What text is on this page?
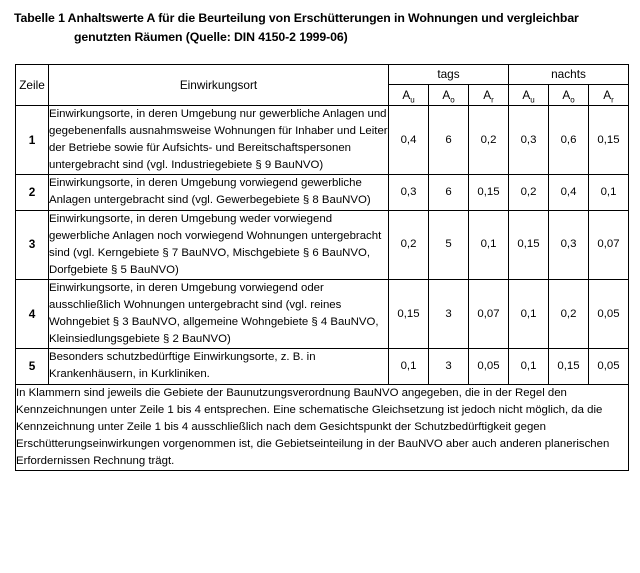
Tabelle 1 Anhaltswerte A für die Beurteilung von Erschütterungen in Wohnungen und vergleichbar
genutzten Räumen (Quelle: DIN 4150-2 1999-06)
Zeile	Einwirkungsort	tags			nachts		
		$A_u$	$A_o$	$A_r$	$A_u$	$A_o$	$A_r$
1	Einwirkungsorte, in deren Umgebung nur gewerbliche Anlagen und gegebenenfalls ausnahmsweise Wohnungen für Inhaber und Leiter der Betriebe sowie für Aufsichts- und Bereitschaftspersonen untergebracht sind (vgl. Industriegebiete § 9 BauNVO)	0,4	6	0,2	0,3	0,6	0,15
2	Einwirkungsorte, in deren Umgebung vorwiegend gewerbliche Anlagen untergebracht sind (vgl. Gewerbegebiete § 8 BauNVO)	0,3	6	0,15	0,2	0,4	0,1
3	Einwirkungsorte, in deren Umgebung weder vorwiegend gewerbliche Anlagen noch vorwiegend Wohnungen untergebracht sind (vgl. Kerngebiete § 7 BauNVO, Mischgebiete § 6 BauNVO, Dorfgebiete § 5 BauNVO)	0,2	5	0,1	0,15	0,3	0,07
4	Einwirkungsorte, in deren Umgebung vorwiegend oder ausschließlich Wohnungen untergebracht sind (vgl. reines Wohngebiet § 3 BauNVO, allgemeine Wohngebiete § 4 BauNVO, Kleinsiedlungsgebiete § 2 BauNVO)	0,15	3	0,07	0,1	0,2	0,05
5	Besonders schutzbedürftige Einwirkungsorte, z. B. in Krankenhäusern, in Kurkliniken.	0,1	3	0,05	0,1	0,15	0,05
In Klammern sind jeweils die Gebiete der Baunutzungsverordnung BauNVO angegeben, die in der Regel den Kennzeichnungen unter Zeile 1 bis 4 entsprechen. Eine schematische Gleichsetzung ist jedoch nicht möglich, da die Kennzeichnung unter Zeile 1 bis 4 ausschließlich nach dem Gesichtspunkt der Schutzbedürftigkeit gegen Erschütterungseinwirkungen vorgenommen ist, die Gebietseinteilung in der BauNVO aber auch anderen planerischen Erfordernissen Rechnung trägt.							
